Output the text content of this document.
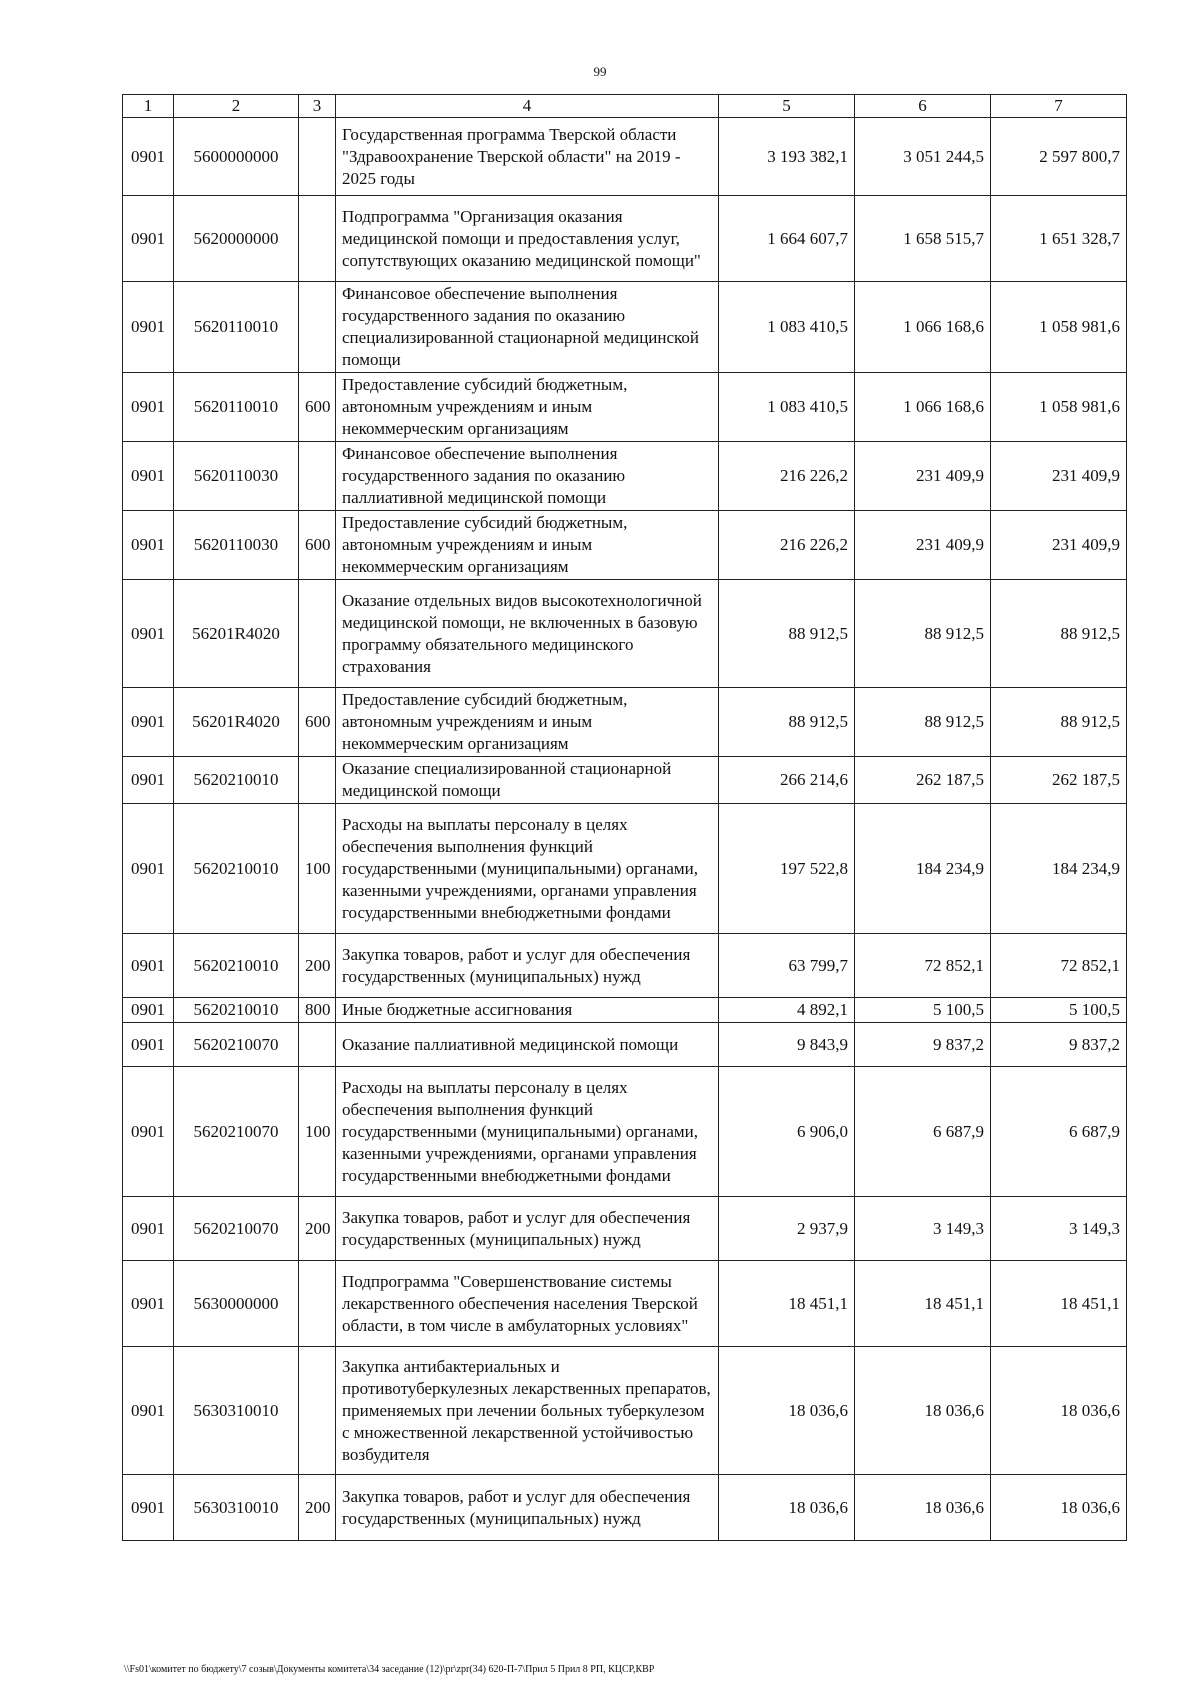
99
1	2	3	4	5	6	7
0901	5600000000		Государственная программа Тверской области "Здравоохранение Тверской области" на 2019 - 2025 годы	3 193 382,1	3 051 244,5	2 597 800,7
0901	5620000000		Подпрограмма "Организация оказания медицинской помощи и предоставления услуг, сопутствующих оказанию медицинской помощи"	1 664 607,7	1 658 515,7	1 651 328,7
0901	5620110010		Финансовое обеспечение выполнения государственного задания по оказанию специализированной стационарной медицинской помощи	1 083 410,5	1 066 168,6	1 058 981,6
0901	5620110010	600	Предоставление субсидий бюджетным, автономным учреждениям и иным некоммерческим организациям	1 083 410,5	1 066 168,6	1 058 981,6
0901	5620110030		Финансовое обеспечение выполнения государственного задания по оказанию паллиативной медицинской помощи	216 226,2	231 409,9	231 409,9
0901	5620110030	600	Предоставление субсидий бюджетным, автономным учреждениям и иным некоммерческим организациям	216 226,2	231 409,9	231 409,9
0901	56201R4020		Оказание отдельных видов высокотехнологичной медицинской помощи, не включенных в базовую программу обязательного медицинского страхования	88 912,5	88 912,5	88 912,5
0901	56201R4020	600	Предоставление субсидий бюджетным, автономным учреждениям и иным некоммерческим организациям	88 912,5	88 912,5	88 912,5
0901	5620210010		Оказание специализированной стационарной медицинской помощи	266 214,6	262 187,5	262 187,5
0901	5620210010	100	Расходы на выплаты персоналу в целях обеспечения выполнения функций государственными (муниципальными) органами, казенными учреждениями, органами управления государственными внебюджетными фондами	197 522,8	184 234,9	184 234,9
0901	5620210010	200	Закупка товаров, работ и услуг для обеспечения государственных (муниципальных) нужд	63 799,7	72 852,1	72 852,1
0901	5620210010	800	Иные бюджетные ассигнования	4 892,1	5 100,5	5 100,5
0901	5620210070		Оказание паллиативной медицинской помощи	9 843,9	9 837,2	9 837,2
0901	5620210070	100	Расходы на выплаты персоналу в целях обеспечения выполнения функций государственными (муниципальными) органами, казенными учреждениями, органами управления государственными внебюджетными фондами	6 906,0	6 687,9	6 687,9
0901	5620210070	200	Закупка товаров, работ и услуг для обеспечения государственных (муниципальных) нужд	2 937,9	3 149,3	3 149,3
0901	5630000000		Подпрограмма "Совершенствование системы лекарственного обеспечения населения Тверской области, в том числе в амбулаторных условиях"	18 451,1	18 451,1	18 451,1
0901	5630310010		Закупка антибактериальных и противотуберкулезных лекарственных препаратов, применяемых при лечении больных туберкулезом с множественной лекарственной устойчивостью возбудителя	18 036,6	18 036,6	18 036,6
0901	5630310010	200	Закупка товаров, работ и услуг для обеспечения государственных (муниципальных) нужд	18 036,6	18 036,6	18 036,6
\\Fs01\комитет по бюджету\7 созыв\Документы комитета\34 заседание (12)\pr\zpr(34) 620-П-7\Прил 5 Прил 8 РП, КЦСР,КВР
